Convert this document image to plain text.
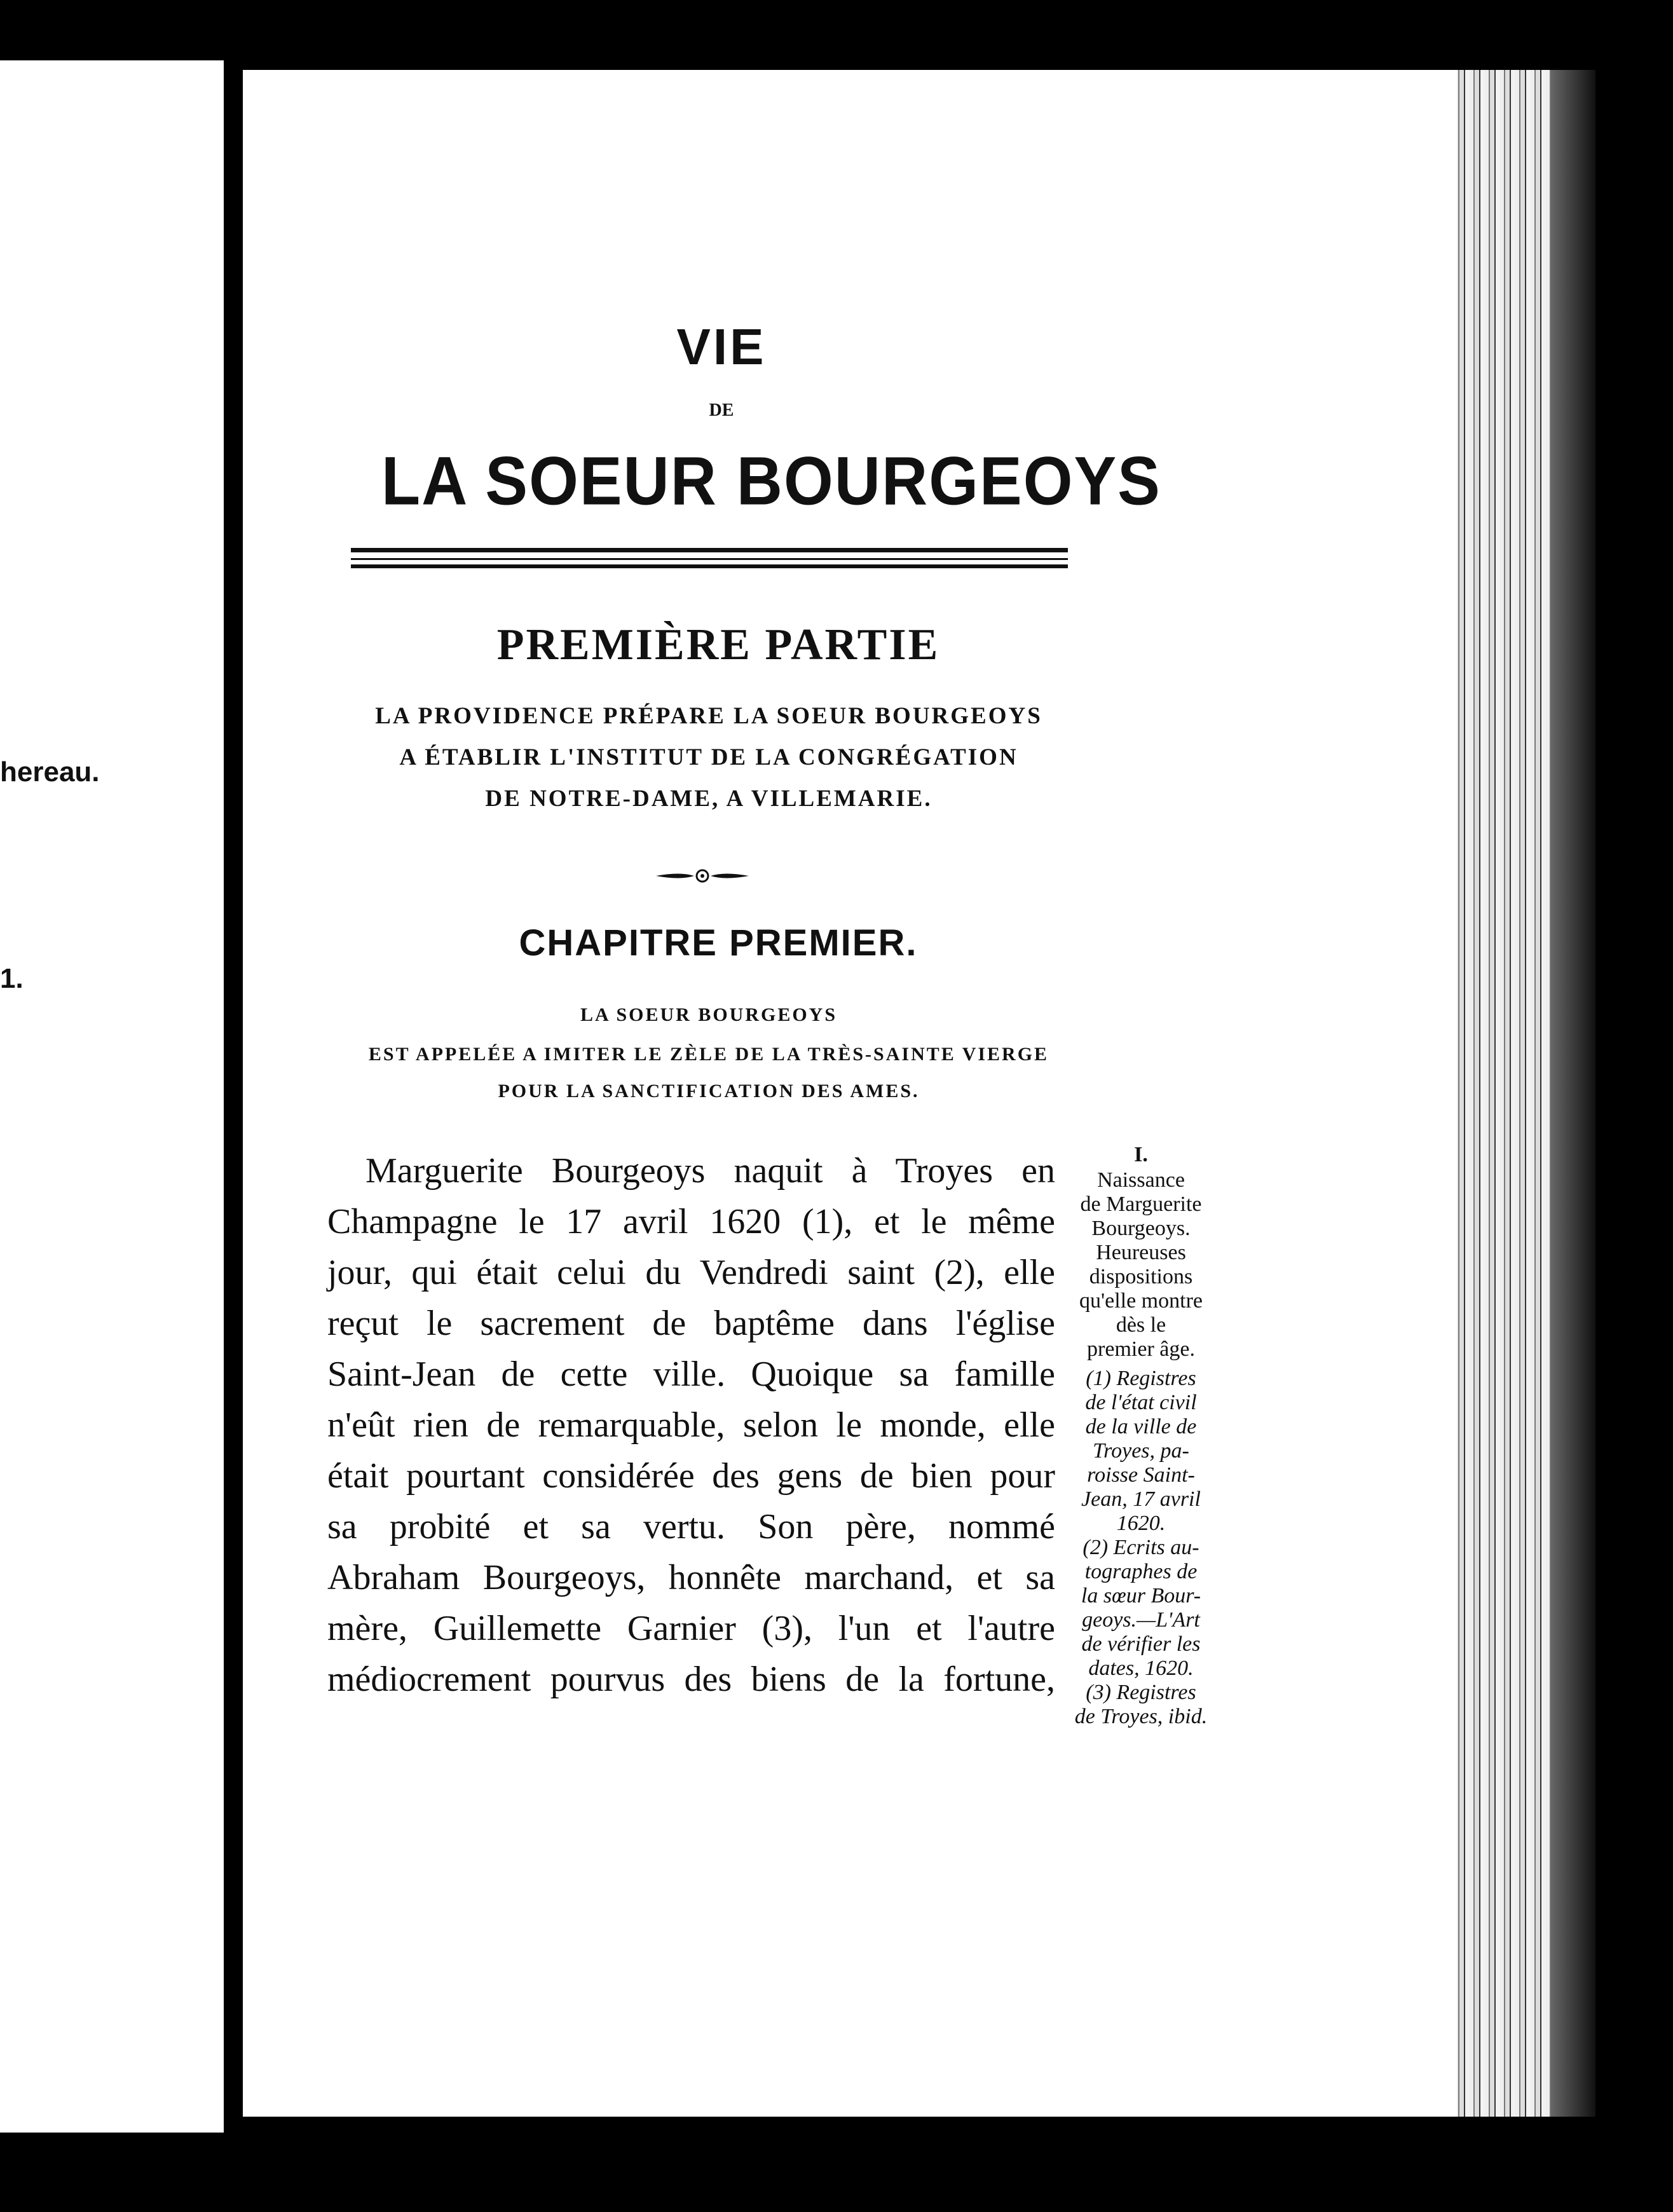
hereau.
1.
VIE
DE
LA SOEUR BOURGEOYS
PREMIÈRE PARTIE
LA PROVIDENCE PRÉPARE LA SOEUR BOURGEOYS
A ÉTABLIR L'INSTITUT DE LA CONGRÉGATION
DE NOTRE-DAME, A VILLEMARIE.
CHAPITRE PREMIER.
LA SOEUR BOURGEOYS
EST APPELÉE A IMITER LE ZÈLE DE LA TRÈS-SAINTE VIERGE
POUR LA SANCTIFICATION DES AMES.
Marguerite Bourgeoys naquit à Troyes en
Champagne le 17 avril 1620 (1), et le même
jour, qui était celui du Vendredi saint (2), elle
reçut le sacrement de baptême dans l'église
Saint-Jean de cette ville. Quoique sa famille
n'eût rien de remarquable, selon le monde, elle
était pourtant considérée des gens de bien pour
sa probité et sa vertu. Son père, nommé
Abraham Bourgeoys, honnête marchand, et sa
mère, Guillemette Garnier (3), l'un et l'autre
médiocrement pourvus des biens de la fortune,
I.
Naissance
de Marguerite
Bourgeoys.
Heureuses
dispositions
qu'elle montre
dès le
premier âge.
(1) Registres
de l'état civil
de la ville de
Troyes, pa-
roisse Saint-
Jean, 17 avril
1620.
(2) Ecrits au-
tographes de
la sœur Bour-
geoys.—L'Art
de vérifier les
dates, 1620.
(3) Registres
de Troyes, ibid.
